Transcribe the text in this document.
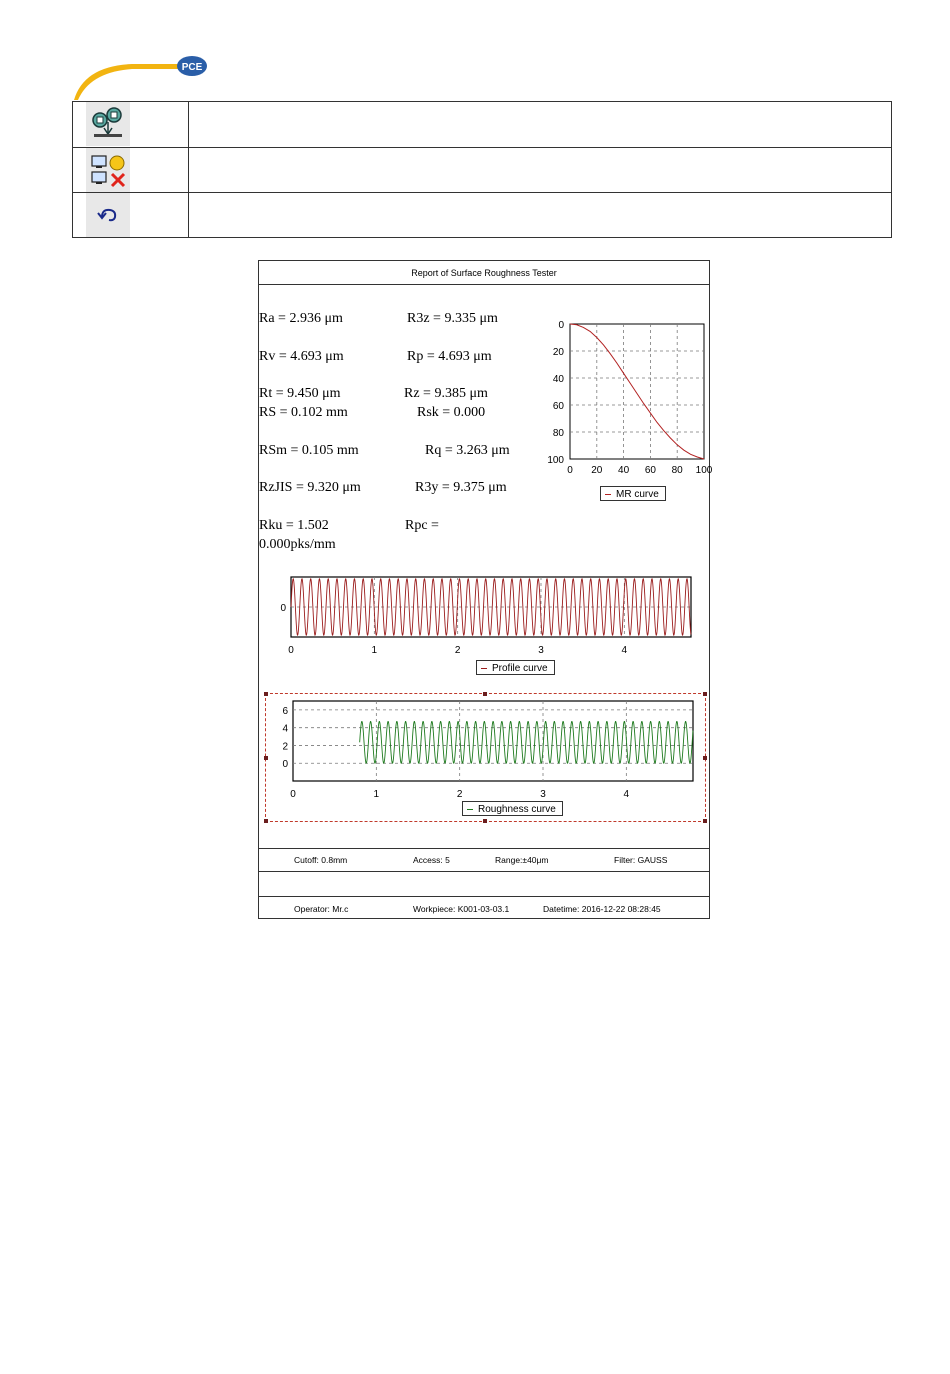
PCE
Report of Surface Roughness Tester
Ra = 2.936 μm	R3z = 9.335 μm
Rv = 4.693 μm	Rp = 4.693 μm
Rt = 9.450 μm	Rz = 9.385 μm
RS = 0.102 mm	Rsk = 0.000
RSm = 0.105 mm	Rq = 3.263 μm
RzJIS = 9.320 μm	R3y = 9.375 μm
Rku = 1.502	Rpc =
0.000pks/mm
0 20 40 60 80 100
0
20
40
60
80
100
MR curve
0	1	2	3	4
0
Profile curve
0	1	2	3	4
6
4
2
0
Roughness curve
Cutoff: 0.8mm	Access: 5	Range:±40μm	Filter: GAUSS
Operator: Mr.c	Workpiece: K001-03-03.1	Datetime: 2016-12-22 08:28:45
